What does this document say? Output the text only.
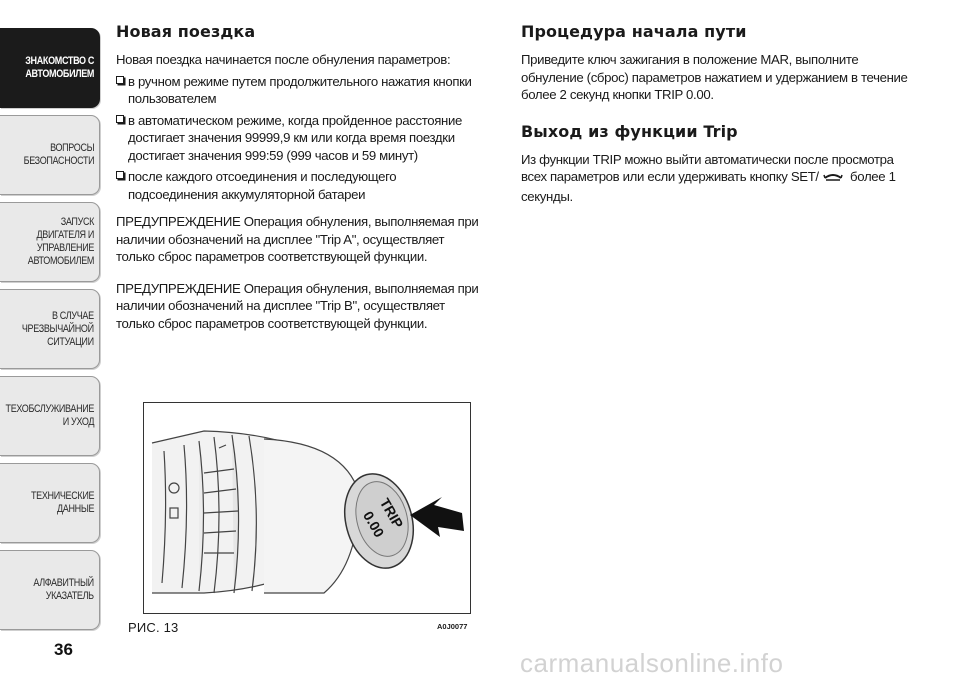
ЗНАКОМСТВО С
АВТОМОБИЛЕМ
ВОПРОСЫ
БЕЗОПАСНОСТИ
ЗАПУСК ДВИГАТЕЛЯ И
УПРАВЛЕНИЕ
АВТОМОБИЛЕМ
В СЛУЧАЕ
ЧРЕЗВЫЧАЙНОЙ
СИТУАЦИИ
ТЕХОБСЛУЖИВАНИЕ
И УХОД
ТЕХНИЧЕСКИЕ
ДАННЫЕ
АЛФАВИТНЫЙ
УКАЗАТЕЛЬ
36
Новая поездка

Новая поездка начинается после обнуления параметров:

в ручном режиме путем продолжительного нажатия кнопки пользователем
в автоматическом режиме, когда пройденное расстояние достигает значения 99999,9 км или когда время поездки достигает значения 999:59 (999 часов и 59 минут)
после каждого отсоединения и последующего подсоединения аккумуляторной батареи

ПРЕДУПРЕЖДЕНИЕ Операция обнуления, выполняемая при наличии обозначений на дисплее "Trip A", осуществляет только сброс параметров соответствующей функции.

ПРЕДУПРЕЖДЕНИЕ Операция обнуления, выполняемая при наличии обозначений на дисплее "Trip B", осуществляет только сброс параметров соответствующей функции.

Процедура начала пути

Приведите ключ зажигания в положение MAR, выполните обнуление (сброс) параметров нажатием и удержанием в течение более 2 секунд кнопки TRIP 0.00.

Выход из функции Trip

Из функции TRIP можно выйти автоматически после просмотра всех параметров или если удерживать кнопку SET/ более 1 секунды.

TRIP
0.00
РИС. 13	A0J0077
carmanualsonline.info
